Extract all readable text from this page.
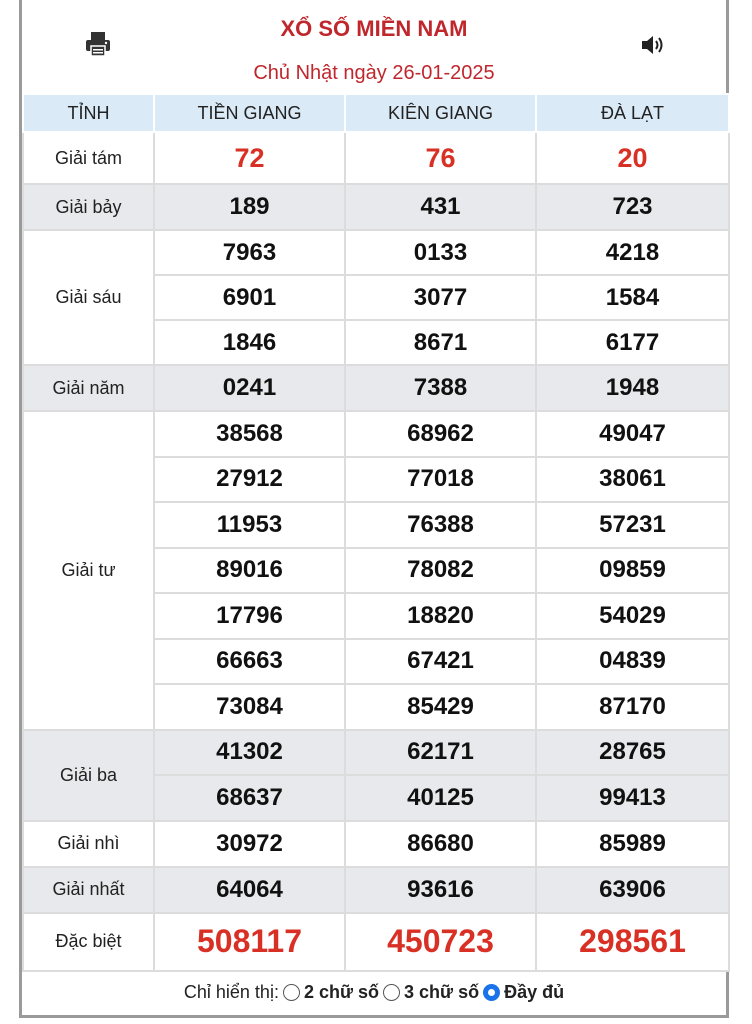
XỔ SỐ MIỀN NAM
Chủ Nhật ngày 26-01-2025
TỈNH	TIỀN GIANG	KIÊN GIANG	ĐÀ LẠT
Giải tám	72	76	20
Giải bảy	189	431	723
Giải sáu	7963	0133	4218
	6901	3077	1584
	1846	8671	6177
Giải năm	0241	7388	1948
Giải tư	38568	68962	49047
	27912	77018	38061
	11953	76388	57231
	89016	78082	09859
	17796	18820	54029
	66663	67421	04839
	73084	85429	87170
Giải ba	41302	62171	28765
	68637	40125	99413
Giải nhì	30972	86680	85989
Giải nhất	64064	93616	63906
Đặc biệt	508117	450723	298561
Chỉ hiển thị: 2 chữ số 3 chữ số Đầy đủ
